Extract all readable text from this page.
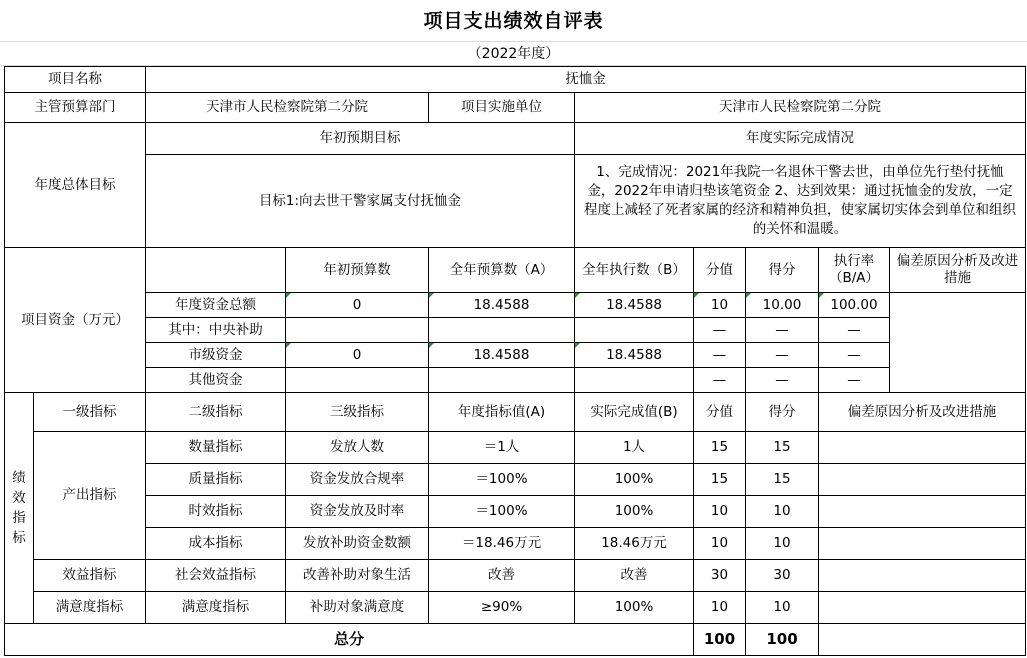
项目支出绩效自评表
（2022年度）
项目名称		抚恤金							
主管预算部门		天津市人民检察院第二分院		项目实施单位	天津市人民检察院第二分院				
年度总体目标		年初预期目标			年度实际完成情况				
		目标1:向去世干警家属支付抚恤金			1、完成情况：2021年我院一名退休干警去世，由单位先行垫付抚恤金，2022年申请归垫该笔资金 2、达到效果：通过抚恤金的发放，一定程度上减轻了死者家属的经济和精神负担，使家属切实体会到单位和组织的关怀和温暖。				
项目资金（万元）			年初预算数	全年预算数（A）	全年执行数（B）	分值	得分	执行率（B/A）	偏差原因分析及改进措施
		年度资金总额	0	18.4588	18.4588	10	10.00	100.00	
		其中：中央补助				—	—	—	
		市级资金	0	18.4588	18.4588	—	—	—	
		其他资金				—	—	—	
绩效指标	一级指标	二级指标	三级指标	年度指标值(A)	实际完成值(B)	分值	得分	偏差原因分析及改进措施	
	产出指标	数量指标	发放人数	＝1人	1人	15	15		
		质量指标	资金发放合规率	＝100%	100%	15	15		
		时效指标	资金发放及时率	＝100%	100%	10	10		
		成本指标	发放补助资金数额	＝18.46万元	18.46万元	10	10		
	效益指标	社会效益指标	改善补助对象生活	改善	改善	30	30		
	满意度指标	满意度指标	补助对象满意度	≥90%	100%	10	10		
总分						100	100		
